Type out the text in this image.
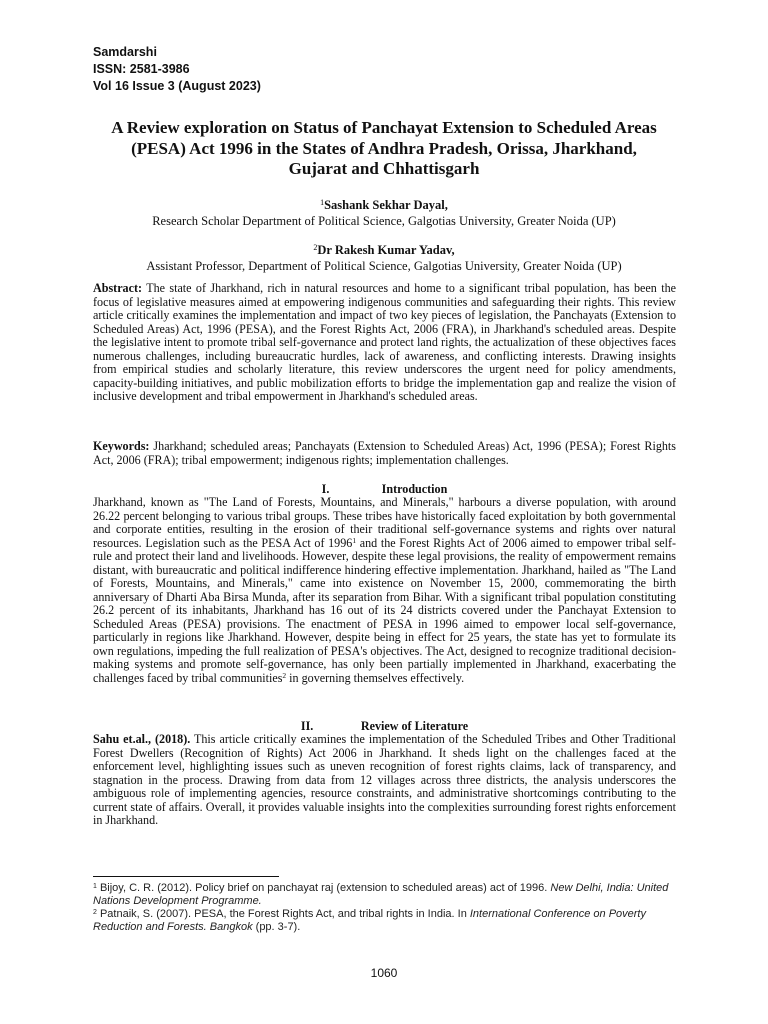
Samdarshi
ISSN: 2581-3986
Vol 16 Issue 3 (August 2023)
A Review exploration on Status of Panchayat Extension to Scheduled Areas
(PESA) Act 1996 in the States of Andhra Pradesh, Orissa, Jharkhand,
Gujarat and Chhattisgarh
$^1$Sashank Sekhar Dayal,
Research Scholar Department of Political Science, Galgotias University, Greater Noida (UP)
$^2$Dr Rakesh Kumar Yadav,
Assistant Professor, Department of Political Science, Galgotias University, Greater Noida (UP)
Abstract: The state of Jharkhand, rich in natural resources and home to a significant tribal population, has been the focus of legislative measures aimed at empowering indigenous communities and safeguarding their rights. This review article critically examines the implementation and impact of two key pieces of legislation, the Panchayats (Extension to Scheduled Areas) Act, 1996 (PESA), and the Forest Rights Act, 2006 (FRA), in Jharkhand's scheduled areas. Despite the legislative intent to promote tribal self-governance and protect land rights, the actualization of these objectives faces numerous challenges, including bureaucratic hurdles, lack of awareness, and conflicting interests. Drawing insights from empirical studies and scholarly literature, this review underscores the urgent need for policy amendments, capacity-building initiatives, and public mobilization efforts to bridge the implementation gap and realize the vision of inclusive development and tribal empowerment in Jharkhand's scheduled areas.
Keywords: Jharkhand; scheduled areas; Panchayats (Extension to Scheduled Areas) Act, 1996 (PESA); Forest Rights Act, 2006 (FRA); tribal empowerment; indigenous rights; implementation challenges.
I.	Introduction
Jharkhand, known as "The Land of Forests, Mountains, and Minerals," harbours a diverse population, with around 26.22 percent belonging to various tribal groups. These tribes have historically faced exploitation by both governmental and corporate entities, resulting in the erosion of their traditional self-governance systems and rights over natural resources. Legislation such as the PESA Act of 1996$^1$ and the Forest Rights Act of 2006 aimed to empower tribal self-rule and protect their land and livelihoods. However, despite these legal provisions, the reality of empowerment remains distant, with bureaucratic and political indifference hindering effective implementation. Jharkhand, hailed as "The Land of Forests, Mountains, and Minerals," came into existence on November 15, 2000, commemorating the birth anniversary of Dharti Aba Birsa Munda, after its separation from Bihar. With a significant tribal population constituting 26.2 percent of its inhabitants, Jharkhand has 16 out of its 24 districts covered under the Panchayat Extension to Scheduled Areas (PESA) provisions. The enactment of PESA in 1996 aimed to empower local self-governance, particularly in regions like Jharkhand. However, despite being in effect for 25 years, the state has yet to formulate its own regulations, impeding the full realization of PESA's objectives. The Act, designed to recognize traditional decision-making systems and promote self-governance, has only been partially implemented in Jharkhand, exacerbating the challenges faced by tribal communities$^2$ in governing themselves effectively.
II.	Review of Literature
Sahu et.al., (2018). This article critically examines the implementation of the Scheduled Tribes and Other Traditional Forest Dwellers (Recognition of Rights) Act 2006 in Jharkhand. It sheds light on the challenges faced at the enforcement level, highlighting issues such as uneven recognition of forest rights claims, lack of transparency, and stagnation in the process. Drawing from data from 12 villages across three districts, the analysis underscores the ambiguous role of implementing agencies, resource constraints, and administrative shortcomings contributing to the current state of affairs. Overall, it provides valuable insights into the complexities surrounding forest rights enforcement in Jharkhand.

$^1$ Bijoy, C. R. (2012). Policy brief on panchayat raj (extension to scheduled areas) act of 1996. New Delhi, India: United Nations Development Programme.

$^2$ Patnaik, S. (2007). PESA, the Forest Rights Act, and tribal rights in India. In International Conference on Poverty Reduction and Forests. Bangkok (pp. 3-7).

1060
